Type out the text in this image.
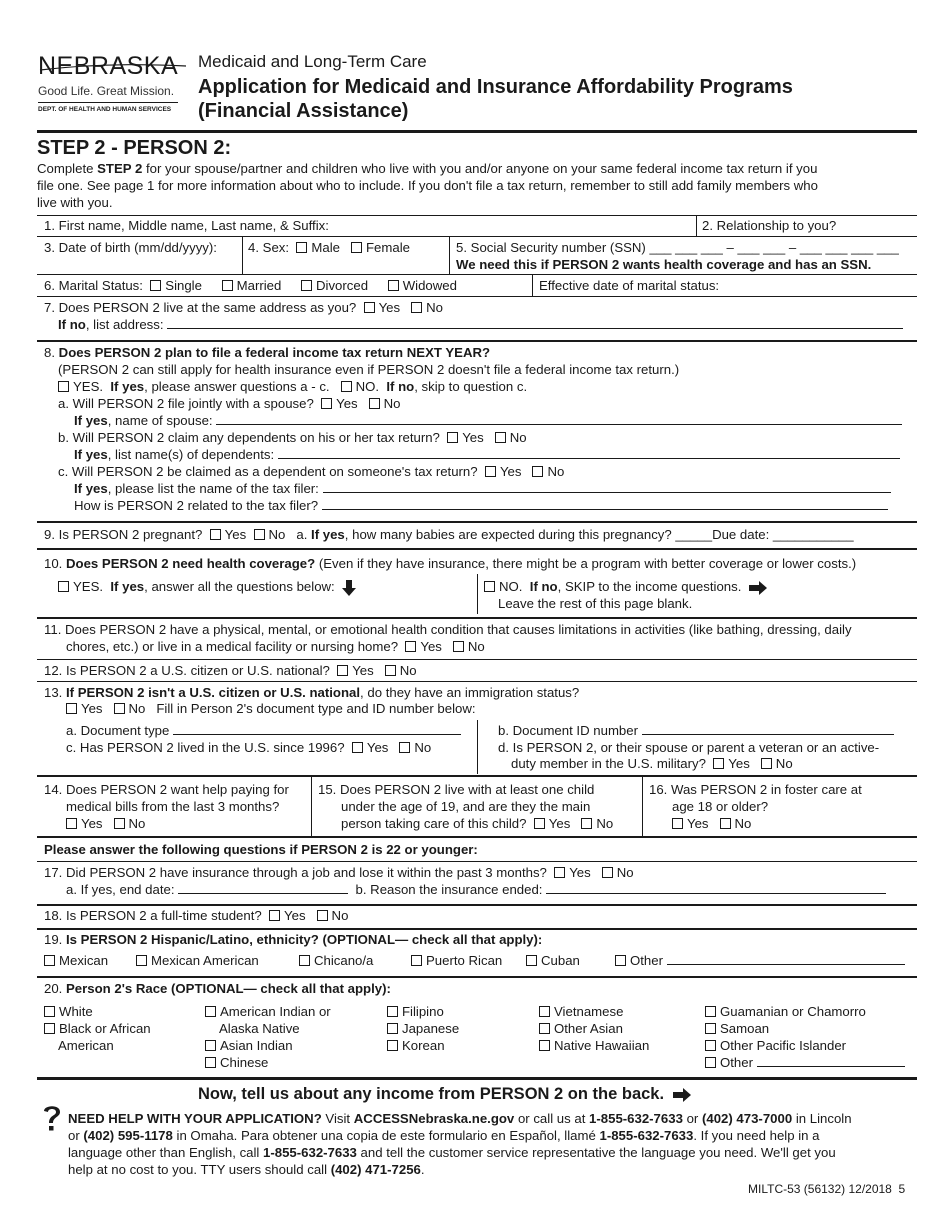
NEBRASKA
Good Life. Great Mission.
DEPT. OF HEALTH AND HUMAN SERVICES
Medicaid and Long-Term Care
Application for Medicaid and Insurance Affordability Programs
(Financial Assistance)
STEP 2 - PERSON 2:
Complete STEP 2 for your spouse/partner and children who live with you and/or anyone on your same federal income tax return if you
file one. See page 1 for more information about who to include. If you don't file a tax return, remember to still add family members who
live with you.
1. First name, Middle name, Last name, & Suffix:	2. Relationship to you?
3. Date of birth (mm/dd/yyyy): 4. Sex: Male Female	5. Social Security number (SSN) ___ ___ ___ – ___ ___ – ___ ___ ___ ___
We need this if PERSON 2 wants health coverage and has an SSN.
6. Marital Status: Single	Married	Divorced	Widowed	Effective date of marital status:
7. Does PERSON 2 live at the same address as you? Yes No
If no, list address:
8. Does PERSON 2 plan to file a federal income tax return NEXT YEAR?
(PERSON 2 can still apply for health insurance even if PERSON 2 doesn't file a federal income tax return.)
YES. If yes, please answer questions a - c. NO. If no, skip to question c.
a. Will PERSON 2 file jointly with a spouse? Yes No
If yes, name of spouse:
b. Will PERSON 2 claim any dependents on his or her tax return? Yes No
If yes, list name(s) of dependents:
c. Will PERSON 2 be claimed as a dependent on someone's tax return? Yes No
If yes, please list the name of the tax filer:
How is PERSON 2 related to the tax filer?
9. Is PERSON 2 pregnant? Yes No a. If yes, how many babies are expected during this pregnancy? _____Due date: ___________
10. Does PERSON 2 need health coverage? (Even if they have insurance, there might be a program with better coverage or lower costs.)
YES. If yes, answer all the questions below:	NO. If no, SKIP to the income questions.
Leave the rest of this page blank.
11. Does PERSON 2 have a physical, mental, or emotional health condition that causes limitations in activities (like bathing, dressing, daily
chores, etc.) or live in a medical facility or nursing home? Yes No
12. Is PERSON 2 a U.S. citizen or U.S. national? Yes No
13. If PERSON 2 isn't a U.S. citizen or U.S. national, do they have an immigration status?
Yes No Fill in Person 2's document type and ID number below:
a. Document type	b. Document ID number
c. Has PERSON 2 lived in the U.S. since 1996? Yes No	d. Is PERSON 2, or their spouse or parent a veteran or an active-
duty member in the U.S. military? Yes No
14. Does PERSON 2 want help paying for
medical bills from the last 3 months?
Yes No
15. Does PERSON 2 live with at least one child
under the age of 19, and are they the main
person taking care of this child? Yes No
16. Was PERSON 2 in foster care at
age 18 or older?
Yes No
Please answer the following questions if PERSON 2 is 22 or younger:
17. Did PERSON 2 have insurance through a job and lose it within the past 3 months? Yes No
a. If yes, end date:	b. Reason the insurance ended:
18. Is PERSON 2 a full-time student? Yes No
19. Is PERSON 2 Hispanic/Latino, ethnicity? (OPTIONAL— check all that apply):
Mexican	Mexican American	Chicano/a	Puerto Rican	Cuban	Other
20. Person 2's Race (OPTIONAL— check all that apply):
White
Black or African
American
American Indian or
Alaska Native
Asian Indian
Chinese
Filipino
Japanese
Korean
Vietnamese
Other Asian
Native Hawaiian
Guamanian or Chamorro
Samoan
Other Pacific Islander
Other
Now, tell us about any income from PERSON 2 on the back.
NEED HELP WITH YOUR APPLICATION? Visit ACCESSNebraska.ne.gov or call us at 1-855-632-7633 or (402) 473-7000 in Lincoln
or (402) 595-1178 in Omaha. Para obtener una copia de este formulario en Español, llamé 1-855-632-7633. If you need help in a
language other than English, call 1-855-632-7633 and tell the customer service representative the language you need. We'll get you
help at no cost to you. TTY users should call (402) 471-7256.
MILTC-53 (56132) 12/2018 5
